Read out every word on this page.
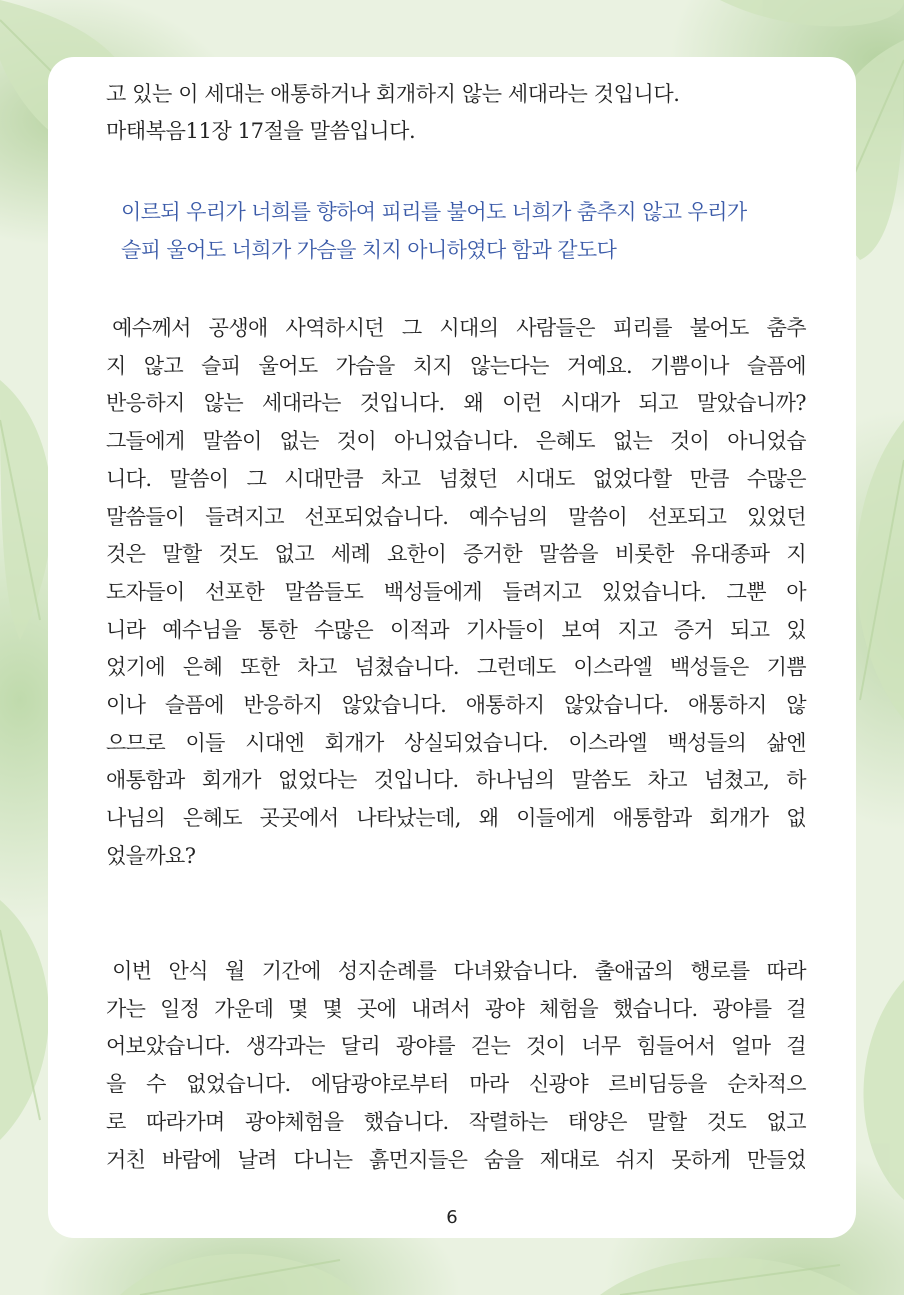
고 있는 이 세대는 애통하거나 회개하지 않는 세대라는 것입니다.
마태복음11장 17절을 말씀입니다.
이르되 우리가 너희를 향하여 피리를 불어도 너희가 춤추지 않고 우리가
슬피 울어도 너희가 가슴을 치지 아니하였다 함과 같도다
예수께서 공생애 사역하시던 그 시대의 사람들은 피리를 불어도 춤추
지 않고 슬피 울어도 가슴을 치지 않는다는 거예요. 기쁨이나 슬픔에
반응하지 않는 세대라는 것입니다. 왜 이런 시대가 되고 말았습니까?
그들에게 말씀이 없는 것이 아니었습니다. 은혜도 없는 것이 아니었습
니다. 말씀이 그 시대만큼 차고 넘쳤던 시대도 없었다할 만큼 수많은
말씀들이 들려지고 선포되었습니다. 예수님의 말씀이 선포되고 있었던
것은 말할 것도 없고 세례 요한이 증거한 말씀을 비롯한 유대종파 지
도자들이 선포한 말씀들도 백성들에게 들려지고 있었습니다. 그뿐 아
니라 예수님을 통한 수많은 이적과 기사들이 보여 지고 증거 되고 있
었기에 은혜 또한 차고 넘쳤습니다. 그런데도 이스라엘 백성들은 기쁨
이나 슬픔에 반응하지 않았습니다. 애통하지 않았습니다. 애통하지 않
으므로 이들 시대엔 회개가 상실되었습니다. 이스라엘 백성들의 삶엔
애통함과 회개가 없었다는 것입니다. 하나님의 말씀도 차고 넘쳤고, 하
나님의 은혜도 곳곳에서 나타났는데, 왜 이들에게 애통함과 회개가 없
었을까요?
이번 안식 월 기간에 성지순례를 다녀왔습니다. 출애굽의 행로를 따라
가는 일정 가운데 몇 몇 곳에 내려서 광야 체험을 했습니다. 광야를 걸
어보았습니다. 생각과는 달리 광야를 걷는 것이 너무 힘들어서 얼마 걸
을 수 없었습니다. 에담광야로부터 마라 신광야 르비딤등을 순차적으
로 따라가며 광야체험을 했습니다. 작렬하는 태양은 말할 것도 없고
거친 바람에 날려 다니는 흙먼지들은 숨을 제대로 쉬지 못하게 만들었
6
